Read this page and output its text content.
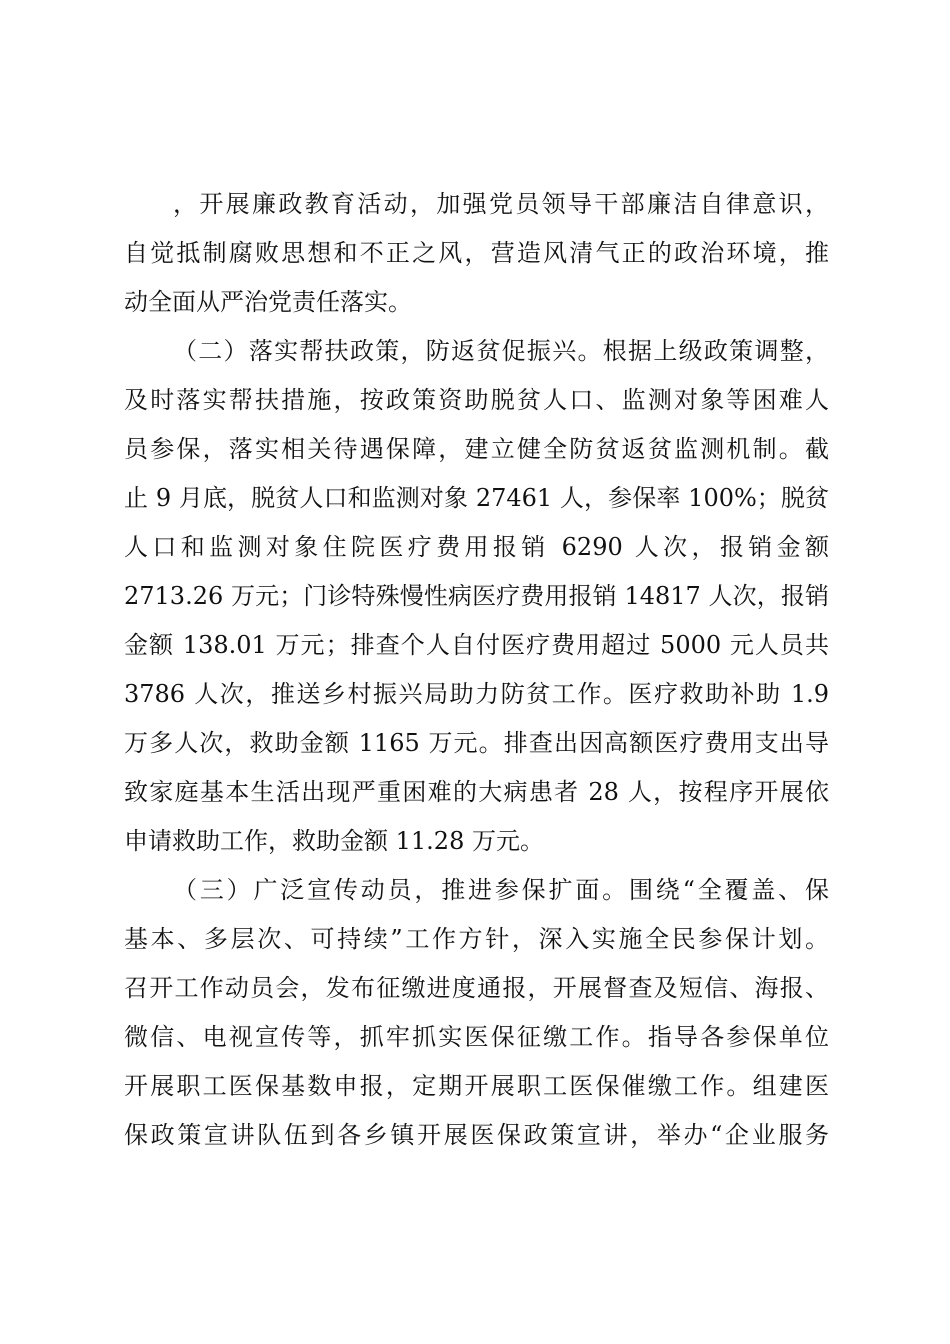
，开展廉政教育活动，加强党员领导干部廉洁自律意识，
自觉抵制腐败思想和不正之风，营造风清气正的政治环境，推
动全面从严治党责任落实。
（二）落实帮扶政策，防返贫促振兴。根据上级政策调整，
及时落实帮扶措施，按政策资助脱贫人口、监测对象等困难人
员参保，落实相关待遇保障，建立健全防贫返贫监测机制。截
止 9 月底，脱贫人口和监测对象 27461 人，参保率 100%；脱贫
人口和监测对象住院医疗费用报销 6290 人次，报销金额
2713.26 万元；门诊特殊慢性病医疗费用报销 14817 人次，报销
金额 138.01 万元；排查个人自付医疗费用超过 5000 元人员共
3786 人次，推送乡村振兴局助力防贫工作。医疗救助补助 1.9
万多人次，救助金额 1165 万元。排查出因高额医疗费用支出导
致家庭基本生活出现严重困难的大病患者 28 人，按程序开展依
申请救助工作，救助金额 11.28 万元。
（三）广泛宣传动员，推进参保扩面。围绕“全覆盖、保
基本、多层次、可持续”工作方针，深入实施全民参保计划。
召开工作动员会，发布征缴进度通报，开展督查及短信、海报、
微信、电视宣传等，抓牢抓实医保征缴工作。指导各参保单位
开展职工医保基数申报，定期开展职工医保催缴工作。组建医
保政策宣讲队伍到各乡镇开展医保政策宣讲，举办“企业服务
